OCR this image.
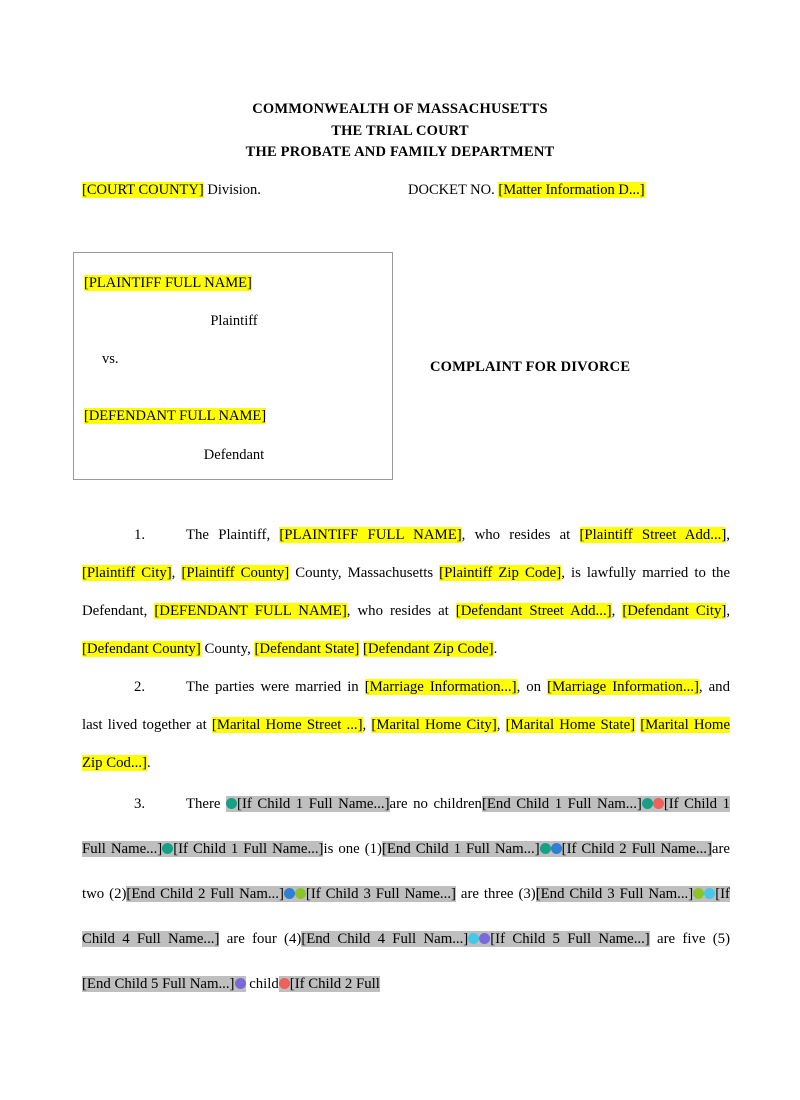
COMMONWEALTH OF MASSACHUSETTS
THE TRIAL COURT
THE PROBATE AND FAMILY DEPARTMENT
[COURT COUNTY] Division.	DOCKET NO. [Matter Information D...]
[PLAINTIFF FULL NAME]
Plaintiff
vs.
[DEFENDANT FULL NAME]
Defendant
COMPLAINT FOR DIVORCE

1.	The Plaintiff, [PLAINTIFF FULL NAME], who resides at [Plaintiff Street Add...], [Plaintiff City], [Plaintiff County] County, Massachusetts [Plaintiff Zip Code], is lawfully married to the Defendant, [DEFENDANT FULL NAME], who resides at [Defendant Street Add...], [Defendant City], [Defendant County] County, [Defendant State] [Defendant Zip Code].

2.	The parties were married in [Marriage Information...], on [Marriage Information...], and last lived together at [Marital Home Street ...], [Marital Home City], [Marital Home State] [Marital Home Zip Cod...].

3.	There [If Child 1 Full Name...]are no children[End Child 1 Full Nam...] [If Child 1 Full Name...] [If Child 1 Full Name...]is one (1)[End Child 1 Full Nam...] [If Child 2 Full Name...]are two (2)[End Child 2 Full Nam...] [If Child 3 Full Name...] are three (3)[End Child 3 Full Nam...] [If Child 4 Full Name...] are four (4)[End Child 4 Full Nam...] [If Child 5 Full Name...] are five (5)[End Child 5 Full Nam...] child [If Child 2 Full
